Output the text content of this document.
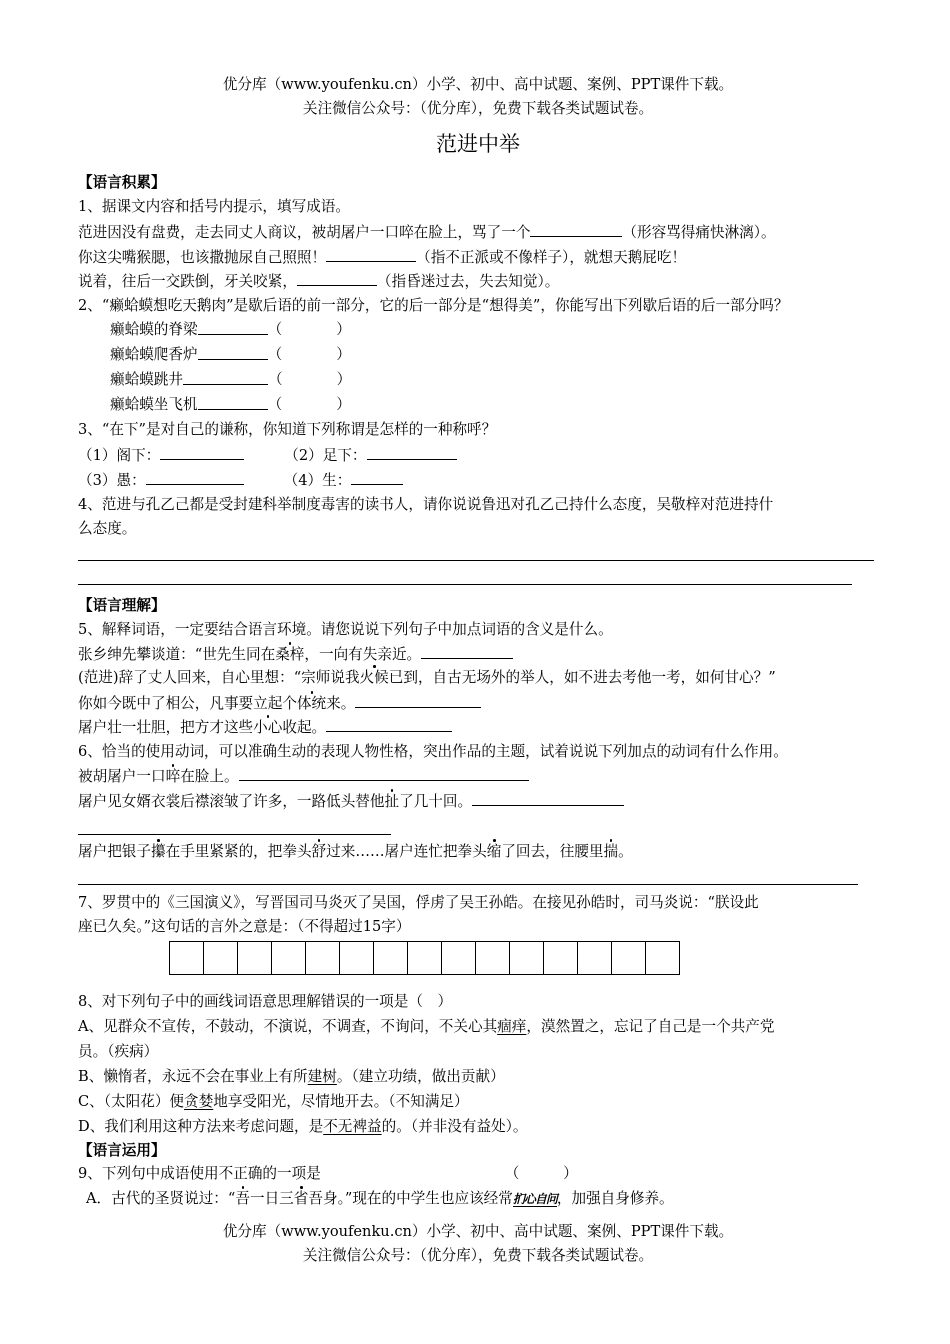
优分库（www.youfenku.cn）小学、初中、高中试题、案例、PPT课件下载。
关注微信公众号：（优分库），免费下载各类试题试卷。
范进中举
【语言积累】
1、据课文内容和括号内提示，填写成语。
范进因没有盘费，走去同丈人商议，被胡屠户一口啐在脸上，骂了一个	（形容骂得痛快淋漓）。
你这尖嘴猴腮，也该撒抛尿自己照照！	（指不正派或不像样子），就想天鹅屁吃！
说着，往后一交跌倒，牙关咬紧，	（指昏迷过去，失去知觉）。
2、“癞蛤蟆想吃天鹅肉”是歇后语的前一部分，它的后一部分是“想得美”，你能写出下列歇后语的后一部分吗？
癞蛤蟆的脊梁	（	）
癞蛤蟆爬香炉	（	）
癞蛤蟆跳井	（	）
癞蛤蟆坐飞机	（	）
3、“在下”是对自己的谦称，你知道下列称谓是怎样的一种称呼？
（1）阁下：	（2）足下：
（3）愚：	（4）生：
4、范进与孔乙己都是受封建科举制度毒害的读书人，请你说说鲁迅对孔乙己持什么态度，吴敬梓对范进持什
么态度。
【语言理解】
5、解释词语，一定要结合语言环境。请您说说下列句子中加点词语的含义是什么。
张乡绅先攀谈道：“世先生同在桑梓，一向有失亲近。
(范进)辞了丈人回来，自心里想：“宗师说我火候已到，自古无场外的举人，如不进去考他一考，如何甘心？”
你如今既中了相公，凡事要立起个体统来。
屠户壮一壮胆，把方才这些小心收起。
6、恰当的使用动词，可以准确生动的表现人物性格，突出作品的主题，试着说说下列加点的动词有什么作用。
被胡屠户一口啐在脸上。
屠户见女婿衣裳后襟滚皱了许多，一路低头替他扯了几十回。
屠户把银子攥在手里紧紧的，把拳头舒过来……屠户连忙把拳头缩了回去，往腰里揣。
7、罗贯中的《三国演义》，写晋国司马炎灭了吴国，俘虏了吴王孙皓。在接见孙皓时，司马炎说：“朕设此
座已久矣。”这句话的言外之意是：（不得超过15字）
8、对下列句子中的画线词语意思理解错误的一项是（　）
A、见群众不宣传，不鼓动，不演说，不调查，不询问，不关心其痼痒，漠然置之，忘记了自己是一个共产党
员。（疾病）
B、懒惰者，永远不会在事业上有所建树。（建立功绩，做出贡献）
C、（太阳花）便贪婪地享受阳光，尽情地开去。（不知满足）
D、我们利用这种方法来考虑问题，是不无裨益的。（并非没有益处）。
【语言运用】
9、下列句中成语使用不正确的一项是	（　　　）
A．古代的圣贤说过：“吾一日三省吾身。”现在的中学生也应该经常扪心自问，加强自身修养。
优分库（www.youfenku.cn）小学、初中、高中试题、案例、PPT课件下载。
关注微信公众号：（优分库），免费下载各类试题试卷。
